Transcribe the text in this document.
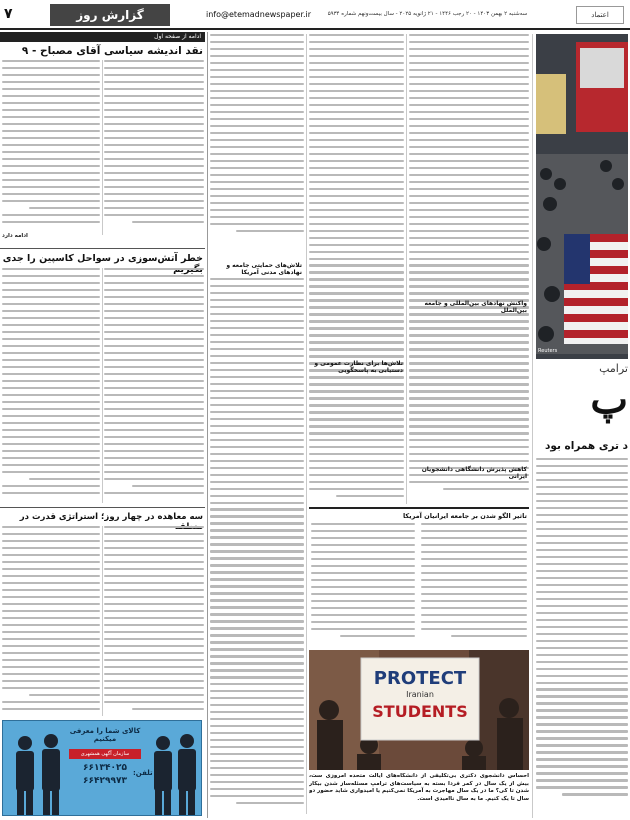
۷	گزارش روز	info@etemadnewspaper.ir	سه‌شنبه ۲ بهمن ۱۴۰۳ - ۲۰ رجب ۱۴۴۶ - ۲۱ ژانویه ۲۰۲۵ - سال بیست‌ونهم شماره ۵۹۳۴	اعتماد
ادامه از صفحه اول
نقد اندیشه سیاسی آقای مصباح - ۹
ادامه دارد
خطر آتش‌سوزی در سواحل کاسپین را جدی
سه معاهده در چهار روز؛ استراتژی قدرت در
کالای شما را معرفی میکنیم
سازمان آگهی همشهری
۶۶۱۳۴۰۲۵
۶۶۴۲۹۹۷۳
تلفن:
تلاش‌های حمایتی جامعه و نهادهای مدنی آمریکا
تاثیر الگو شدن بر جامعه ایرانیان آمریکا
PROTECT
Iranian
STUDENTS
احساس دانشجوی دکتری بی‌تکلیفی از دانشگاه‌های ایالت متحده امروزی ست، بیش از یک سال در کمر فردا بسته به سیاست‌های ترامپ مسئله‌ساز شدن بیکار شدن تا کی؟ ما در یک سال مهاجرت به آمریکا نمی‌کنیم یا امیدواری شاید حضور دو سال تا یک کنیم. ما به سال ناامیدی است.
Reuters
ترامپ
پ
د تری همراه بود
کاهش پذیرش دانشگاهی دانشجویان ایرانی
تلاش‌ها برای نظارت عمومی و دستیابی به پاسخگویی
واکنش نهادهای بین‌المللی و جامعه بین‌الملل
